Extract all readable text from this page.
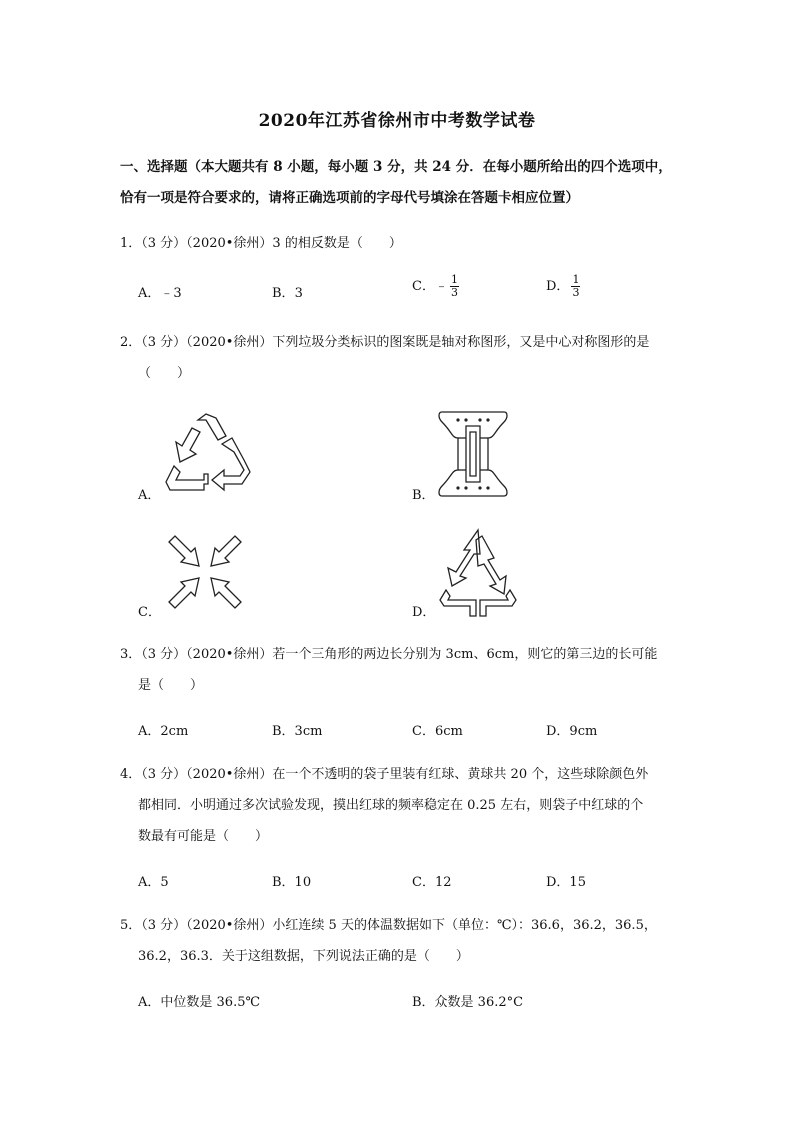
2020年江苏省徐州市中考数学试卷
一、选择题（本大题共有 8 小题，每小题 3 分，共 24 分．在每小题所给出的四个选项中，
恰有一项是符合要求的，请将正确选项前的字母代号填涂在答题卡相应位置）
1．（3 分）（2020•徐州）3 的相反数是（　　）
A．﹣3	B．3	C．﹣ $\frac{1}{3}$	D． $\frac{1}{3}$
2．（3 分）（2020•徐州）下列垃圾分类标识的图案既是轴对称图形，又是中心对称图形的是
（　　）
A．	B．
C．	D．
3．（3 分）（2020•徐州）若一个三角形的两边长分别为 3cm、6cm，则它的第三边的长可能
是（　　）
A．2cm	B．3cm	C．6cm	D．9cm
4．（3 分）（2020•徐州）在一个不透明的袋子里装有红球、黄球共 20 个，这些球除颜色外
都相同．小明通过多次试验发现，摸出红球的频率稳定在 0.25 左右，则袋子中红球的个
数最有可能是（　　）
A．5	B．10	C．12	D．15
5．（3 分）（2020•徐州）小红连续 5 天的体温数据如下（单位：℃）：36.6，36.2，36.5，
36.2，36.3．关于这组数据，下列说法正确的是（　　）
A．中位数是 36.5℃	B．众数是 36.2°C
